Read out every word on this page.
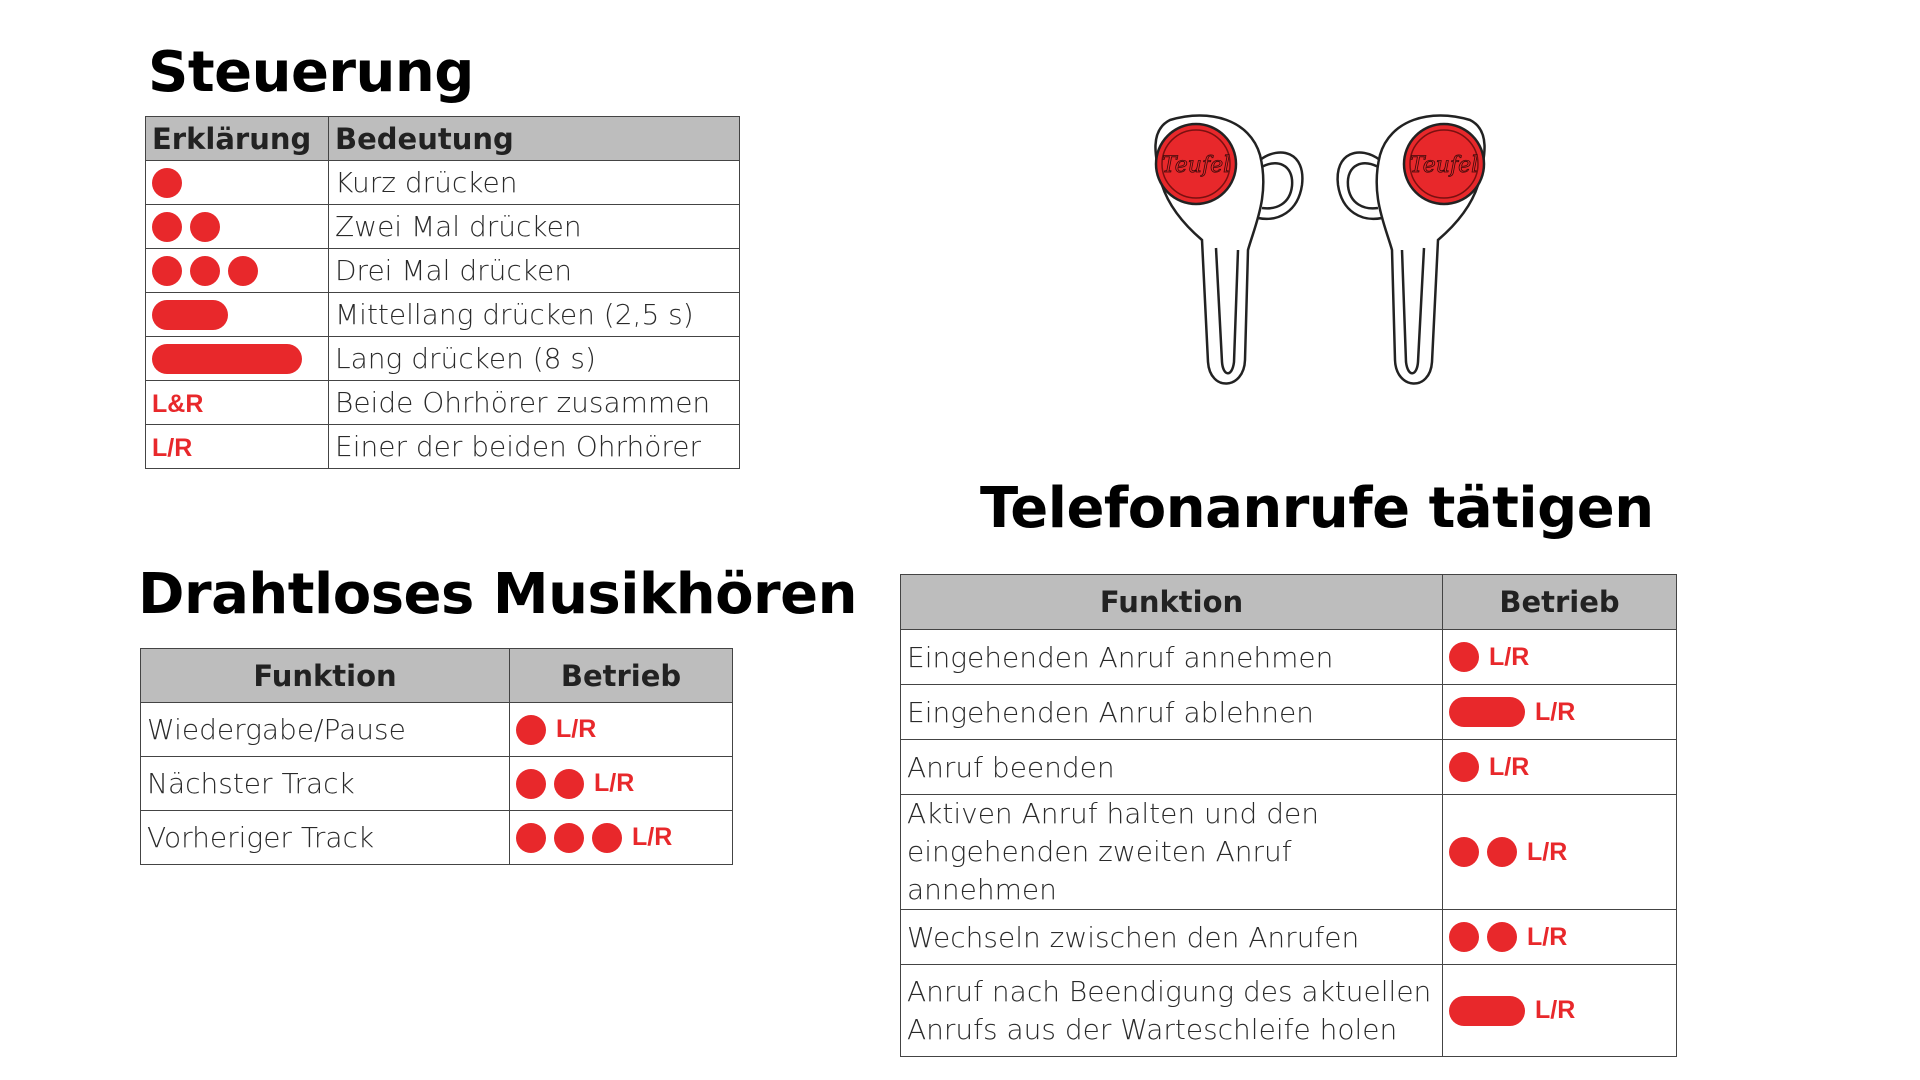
Steuerung
Drahtloses Musikhören
Telefonanrufe tätigen
Erklärung	Bedeutung

	Kurz drücken

	Zwei Mal drücken

	Drei Mal drücken

	Mittellang drücken (2,5 s)

	Lang drücken (8 s)
L&R	Beide Ohrhörer zusammen
L/R	Einer der beiden Ohrhörer
Funktion	Betrieb
Wiedergabe/Pause	L/R

Nächster Track	L/R

Vorheriger Track	L/R
Funktion	Betrieb
Eingehenden Anruf annehmen	L/R

Eingehenden Anruf ablehnen	L/R

Anruf beenden	L/R

Aktiven Anruf halten und den eingehenden zweiten Anruf annehmen	L/R

Wechseln zwischen den Anrufen	L/R

Anruf nach Beendigung des aktuellen Anrufs aus der Warteschleife holen	L/R
Teufel	Teufel
